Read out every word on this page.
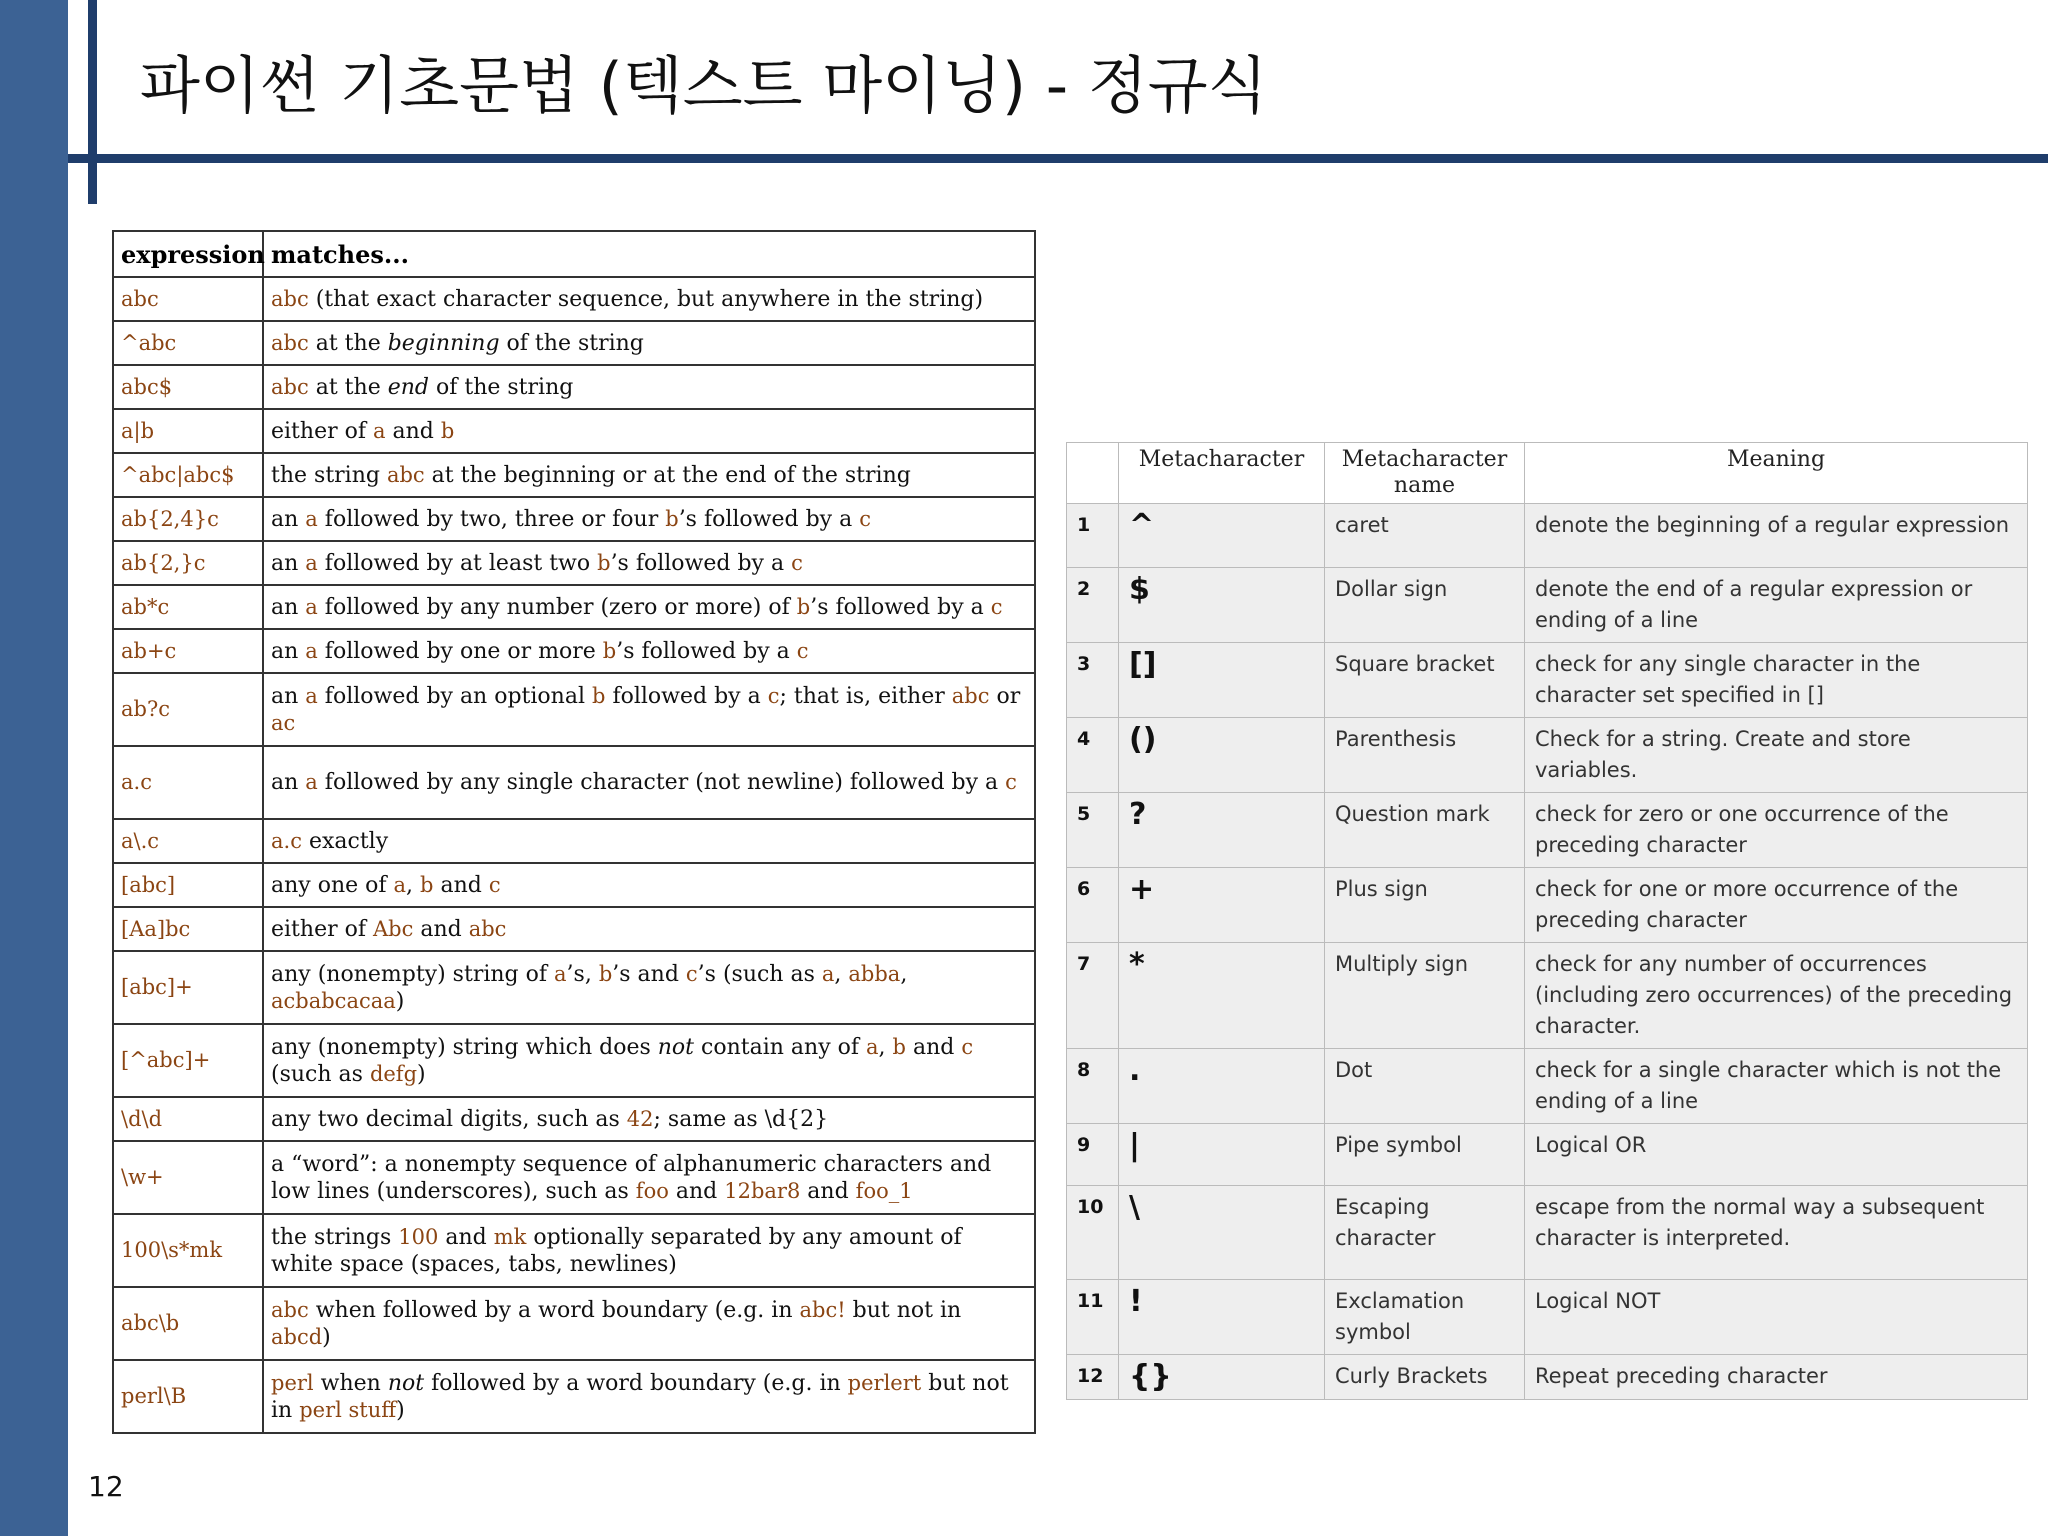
파이썬 기초문법 (텍스트 마이닝) - 정규식
expression	matches...
abc	abc (that exact character sequence, but anywhere in the string)
^abc	abc at the beginning of the string
abc$	abc at the end of the string
a|b	either of a and b
^abc|abc$	the string abc at the beginning or at the end of the string
ab{2,4}c	an a followed by two, three or four b’s followed by a c
ab{2,}c	an a followed by at least two b’s followed by a c
ab*c	an a followed by any number (zero or more) of b’s followed by a c
ab+c	an a followed by one or more b’s followed by a c
ab?c	an a followed by an optional b followed by a c; that is, either abc or ac
a.c	an a followed by any single character (not newline) followed by a c
a\.c	a.c exactly
[abc]	any one of a, b and c
[Aa]bc	either of Abc and abc
[abc]+	any (nonempty) string of a’s, b’s and c’s (such as a, abba, acbabcacaa)
[^abc]+	any (nonempty) string which does not contain any of a, b and c (such as defg)
\d\d	any two decimal digits, such as 42; same as \d{2}
\w+	a “word”: a nonempty sequence of alphanumeric characters and low lines (underscores), such as foo and 12bar8 and foo_1
100\s*mk	the strings 100 and mk optionally separated by any amount of white space (spaces, tabs, newlines)
abc\b	abc when followed by a word boundary (e.g. in abc! but not in abcd)
perl\B	perl when not followed by a word boundary (e.g. in perlert but not in perl stuff)
	Metacharacter	Metacharacter name	Meaning
1	^	caret	denote the beginning of a regular expression
2	$	Dollar sign	denote the end of a regular expression or ending of a line
3	[]	Square bracket	check for any single character in the character set specified in []
4	()	Parenthesis	Check for a string. Create and store variables.
5	?	Question mark	check for zero or one occurrence of the preceding character
6	+	Plus sign	check for one or more occurrence of the preceding character
7	*	Multiply sign	check for any number of occurrences (including zero occurrences) of the preceding character.
8	.	Dot	check for a single character which is not the ending of a line
9	|	Pipe symbol	Logical OR
10	\	Escaping character	escape from the normal way a subsequent character is interpreted.
11	!	Exclamation symbol	Logical NOT
12	{}	Curly Brackets	Repeat preceding character
12
